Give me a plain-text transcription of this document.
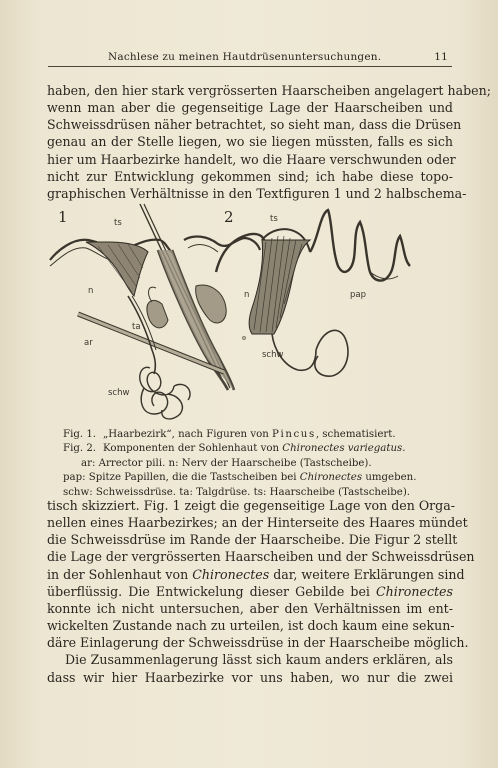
Nachlese zu meinen Hautdrüsenuntersuchungen.	11

haben, den hier stark vergrösserten Haarscheiben angelagert haben;
wenn man aber die gegenseitige Lage der Haarscheiben und
Schweissdrüsen näher betrachtet, so sieht man, dass die Drüsen
genau an der Stelle liegen, wo sie liegen müssten, falls es sich
hier um Haarbezirke handelt, wo die Haare verschwunden oder
nicht zur Entwicklung gekommen sind; ich habe diese topo-
graphischen Verhältnisse in den Textfiguren 1 und 2 halbschema-

1	2
ts
n
ta
ar
schw
ts
n	pap
schw
Fig. 1. „Haarbezirk“, nach Figuren von Pincus, schematisiert.
Fig. 2. Komponenten der Sohlenhaut von Chironectes variegatus.
ar: Arrector pili. n: Nerv der Haarscheibe (Tastscheibe).
pap: Spitze Papillen, die die Tastscheiben bei Chironectes umgeben.
schw: Schweissdrüse. ta: Talgdrüse. ts: Haarscheibe (Tastscheibe).

tisch skizziert. Fig. 1 zeigt die gegenseitige Lage von den Orga-
nellen eines Haarbezirkes; an der Hinterseite des Haares mündet
die Schweissdrüse im Rande der Haarscheibe. Die Figur 2 stellt
die Lage der vergrösserten Haarscheiben und der Schweissdrüsen
in der Sohlenhaut von Chironectes dar, weitere Erklärungen sind
überflüssig. Die Entwickelung dieser Gebilde bei Chironectes
konnte ich nicht untersuchen, aber den Verhältnissen im ent-
wickelten Zustande nach zu urteilen, ist doch kaum eine sekun-
däre Einlagerung der Schweissdrüse in der Haarscheibe möglich.
Die Zusammenlagerung lässt sich kaum anders erklären, als
dass wir hier Haarbezirke vor uns haben, wo nur die zwei
